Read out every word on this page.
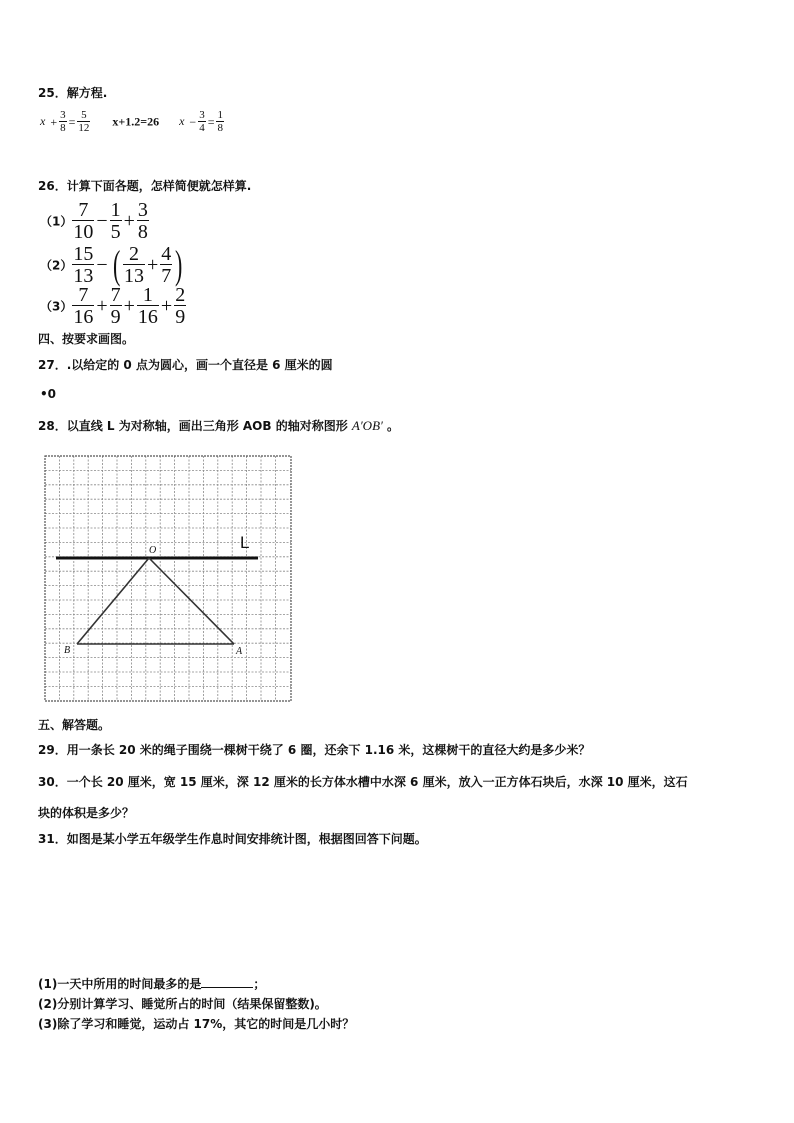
25．解方程.
$x + \frac{3}{8} = \frac{5}{12} x+1.2=26$ $x - \frac{3}{4} = \frac{1}{8}$
26．计算下面各题，怎样简便就怎样算.
$(1) \frac{7}{10} - \frac{1}{5} + \frac{3}{8}$
$(2) \frac{15}{13}$ − ( $\frac{2}{13} + \frac{4}{7}$ )
$(3) \frac{7}{16} + \frac{7}{9} + \frac{1}{16} + \frac{2}{9}$
四、按要求画图。
27．.以给定的 0 点为圆心，画一个直径是 6 厘米的圆
•0
28．以直线 L 为对称轴，画出三角形 AOB 的轴对称图形 A′OB′ 。
L
O
B	A
五、解答题。
29．用一条长 20 米的绳子围绕一棵树干绕了 6 圈，还余下 1.16 米，这棵树干的直径大约是多少米？
30．一个长 20 厘米，宽 15 厘米，深 12 厘米的长方体水槽中水深 6 厘米，放入一正方体石块后，水深 10 厘米，这石
块的体积是多少？
31．如图是某小学五年级学生作息时间安排统计图，根据图回答下问题。
(1)一天中所用的时间最多的是	；
(2)分别计算学习、睡觉所占的时间（结果保留整数)。
(3)除了学习和睡觉，运动占 17%，其它的时间是几小时？
